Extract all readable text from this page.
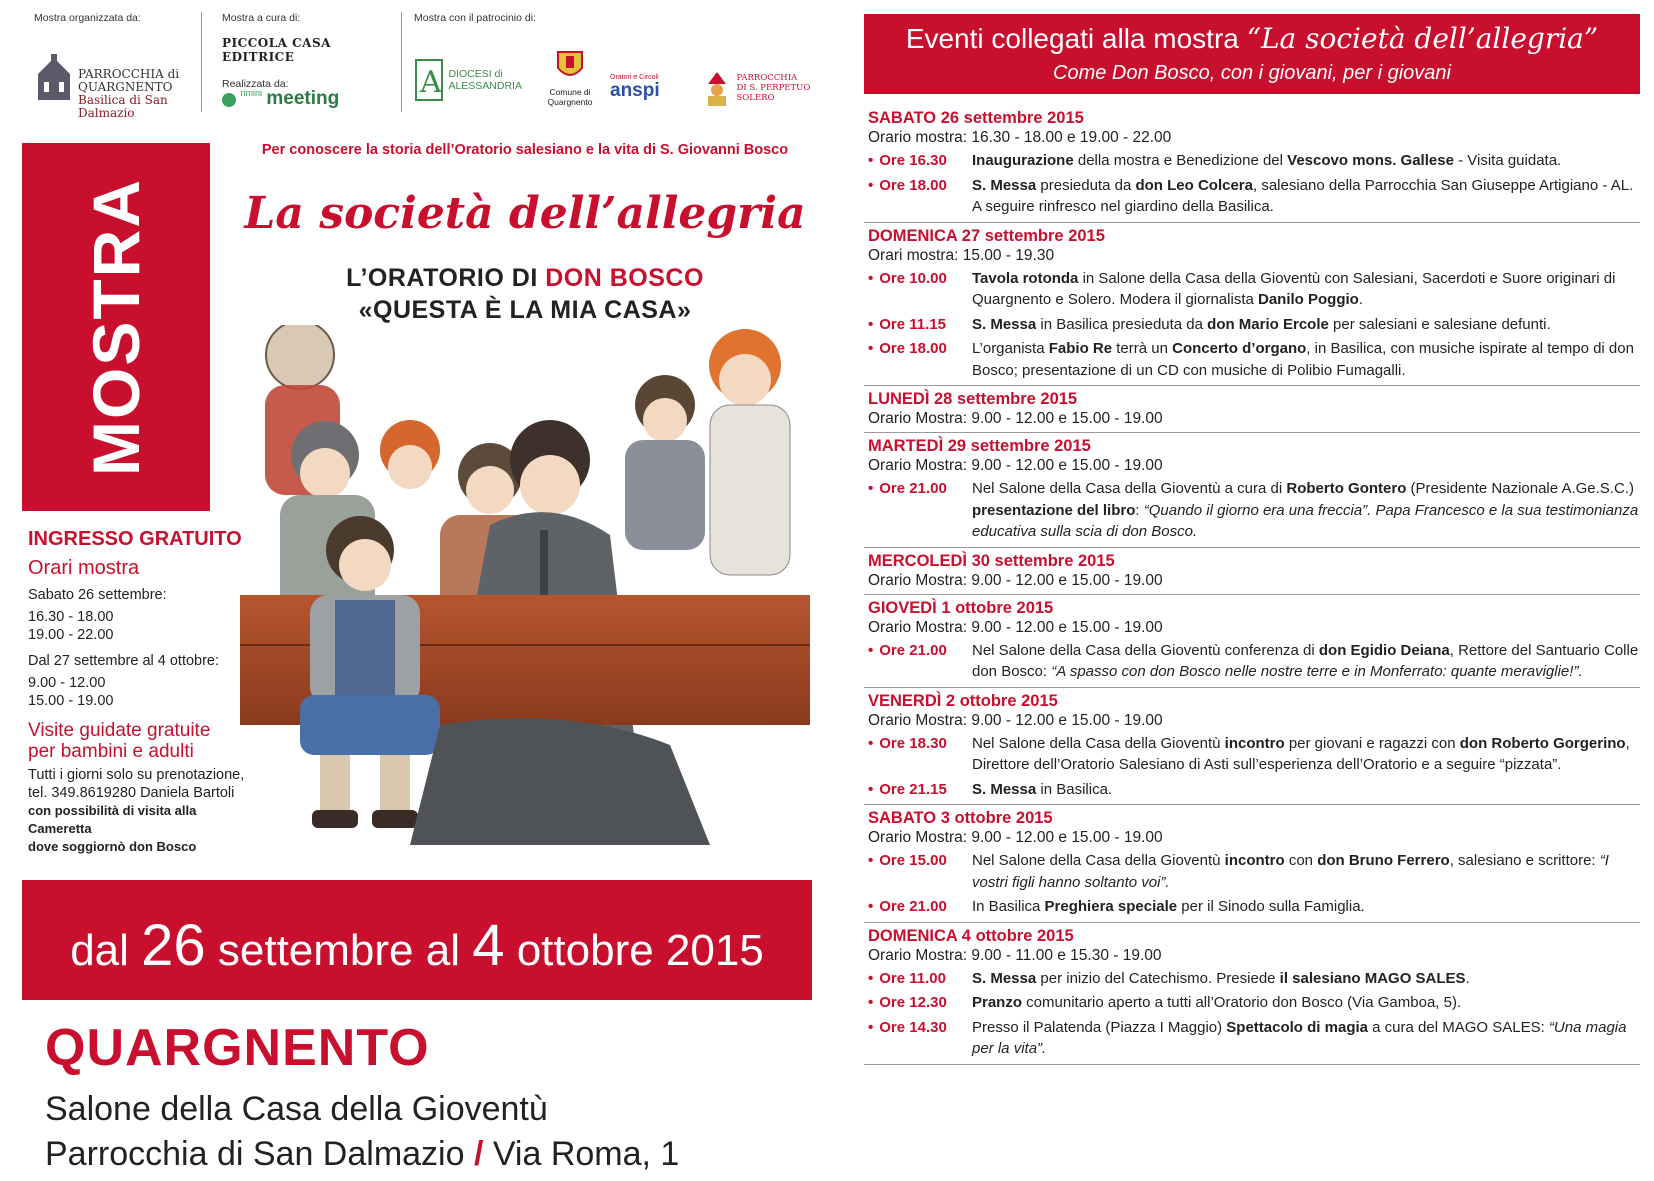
Mostra organizzata da:
PARROCCHIA di
QUARGNENTO
Basilica di San Dalmazio
Mostra a cura di:
PICCOLA CASA EDITRICE
Realizzata da:
$^{rimini}$ meeting
Mostra con il patrocinio di:
A
DIOCESI di
ALESSANDRIA	Comune di
Quargnento
Oratori e Circoli
anspi

PARROCCHIA
DI S. PERPETUO
SOLERO
MOSTRA
Per conoscere la storia dell’Oratorio salesiano e la vita di S. Giovanni Bosco
La società dell’allegria
L’ORATORIO DI DON BOSCO
«QUESTA È LA MIA CASA»
INGRESSO GRATUITO
Orari mostra
Sabato 26 settembre:
16.30 - 18.00
19.00 - 22.00
Dal 27 settembre al 4 ottobre:
9.00 - 12.00
15.00 - 19.00
Visite guidate gratuite
per bambini e adulti
Tutti i giorni solo su prenotazione,
tel. 349.8619280 Daniela Bartoli
con possibilità di visita alla Cameretta
dove soggiornò don Bosco
dal 26 settembre al 4 ottobre 2015
QUARGNENTO
Salone della Casa della Gioventù
Parrocchia di San Dalmazio / Via Roma, 1
Eventi collegati alla mostra “La società dell’allegria”
Come Don Bosco, con i giovani, per i giovani
SABATO 26 settembre 2015
Orario mostra: 16.30 - 18.00 e 19.00 - 22.00
• Ore 16.30 Inaugurazione della mostra e Benedizione del Vescovo mons. Gallese - Visita guidata.
• Ore 18.00 S. Messa presieduta da don Leo Colcera, salesiano della Parrocchia San Giuseppe Artigiano - AL. A seguire rinfresco nel giardino della Basilica.
DOMENICA 27 settembre 2015
Orari mostra: 15.00 - 19.30
• Ore 10.00 Tavola rotonda in Salone della Casa della Gioventù con Salesiani, Sacerdoti e Suore originari di Quargnento e Solero. Modera il giornalista Danilo Poggio.
• Ore 11.15 S. Messa in Basilica presieduta da don Mario Ercole per salesiani e salesiane defunti.
• Ore 18.00 L’organista Fabio Re terrà un Concerto d’organo, in Basilica, con musiche ispirate al tempo di don Bosco; presentazione di un CD con musiche di Polibio Fumagalli.
LUNEDÌ 28 settembre 2015
Orario Mostra: 9.00 - 12.00 e 15.00 - 19.00
MARTEDÌ 29 settembre 2015
Orario Mostra: 9.00 - 12.00 e 15.00 - 19.00
• Ore 21.00 Nel Salone della Casa della Gioventù a cura di Roberto Gontero (Presidente Nazionale A.Ge.S.C.) presentazione del libro: “Quando il giorno era una freccia”. Papa Francesco e la sua testimonianza educativa sulla scia di don Bosco.
MERCOLEDÌ 30 settembre 2015
Orario Mostra: 9.00 - 12.00 e 15.00 - 19.00
GIOVEDÌ 1 ottobre 2015
Orario Mostra: 9.00 - 12.00 e 15.00 - 19.00
• Ore 21.00 Nel Salone della Casa della Gioventù conferenza di don Egidio Deiana, Rettore del Santuario Colle don Bosco: “A spasso con don Bosco nelle nostre terre e in Monferrato: quante meraviglie!”.
VENERDÌ 2 ottobre 2015
Orario Mostra: 9.00 - 12.00 e 15.00 - 19.00
• Ore 18.30 Nel Salone della Casa della Gioventù incontro per giovani e ragazzi con don Roberto Gorgerino, Direttore dell’Oratorio Salesiano di Asti sull’esperienza dell’Oratorio e a seguire “pizzata”.
• Ore 21.15 S. Messa in Basilica.
SABATO 3 ottobre 2015
Orario Mostra: 9.00 - 12.00 e 15.00 - 19.00
• Ore 15.00 Nel Salone della Casa della Gioventù incontro con don Bruno Ferrero, salesiano e scrittore: “I vostri figli hanno soltanto voi”.
• Ore 21.00 In Basilica Preghiera speciale per il Sinodo sulla Famiglia.
DOMENICA 4 ottobre 2015
Orario Mostra: 9.00 - 11.00 e 15.30 - 19.00
• Ore 11.00 S. Messa per inizio del Catechismo. Presiede il salesiano MAGO SALES.
• Ore 12.30 Pranzo comunitario aperto a tutti all’Oratorio don Bosco (Via Gamboa, 5).
• Ore 14.30 Presso il Palatenda (Piazza I Maggio) Spettacolo di magia a cura del MAGO SALES: “Una magia per la vita”.
